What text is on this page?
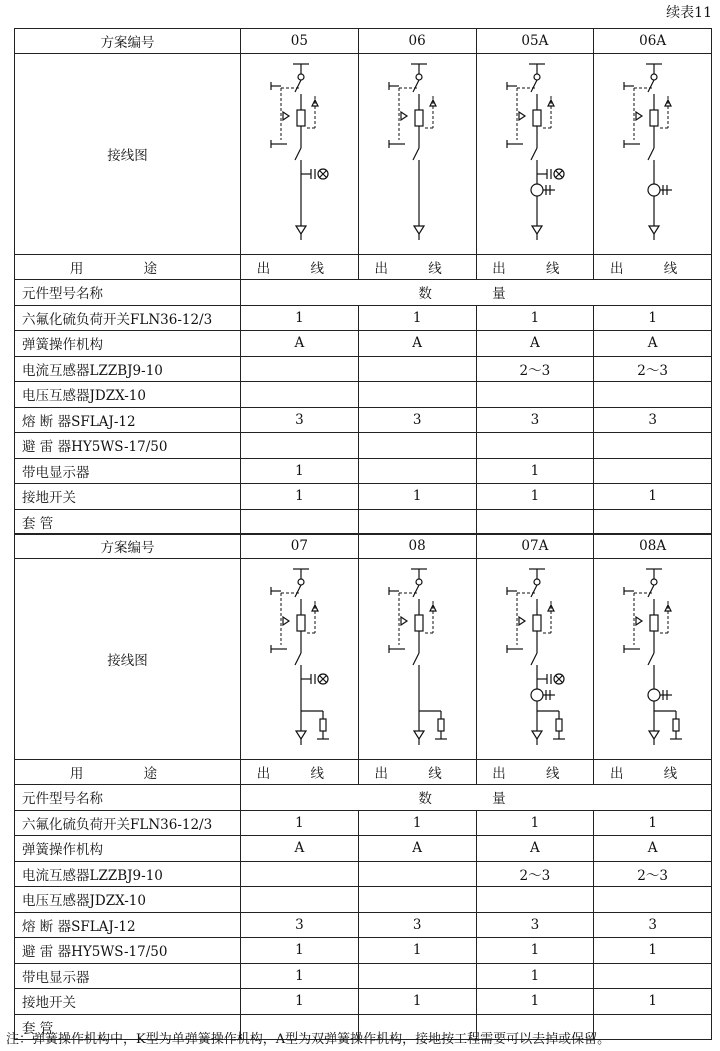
续表11
方案编号	05	06	05A	06A
接线图	

用 途	出 线	出 线	出 线	出 线
元件型号名称	数 量			
六氟化硫负荷开关FLN36-12/3	1	1	1	1
弹簧操作机构	A	A	A	A
电流互感器LZZBJ9-10			2～3	2～3
电压互感器JDZX-10				
熔 断 器SFLAJ-12	3	3	3	3
避 雷 器HY5WS-17/50				
带电显示器	1		1	
接地开关	1	1	1	1
套 管				
方案编号	07	08	07A	08A
接线图	

用 途	出 线	出 线	出 线	出 线
元件型号名称	数 量			
六氟化硫负荷开关FLN36-12/3	1	1	1	1
弹簧操作机构	A	A	A	A
电流互感器LZZBJ9-10			2～3	2～3
电压互感器JDZX-10				
熔 断 器SFLAJ-12	3	3	3	3
避 雷 器HY5WS-17/50	1	1	1	1
带电显示器	1		1	
接地开关	1	1	1	1
套 管				
注：弹簧操作机构中，K型为单弹簧操作机构，A型为双弹簧操作机构，接地按工程需要可以去掉或保留。
